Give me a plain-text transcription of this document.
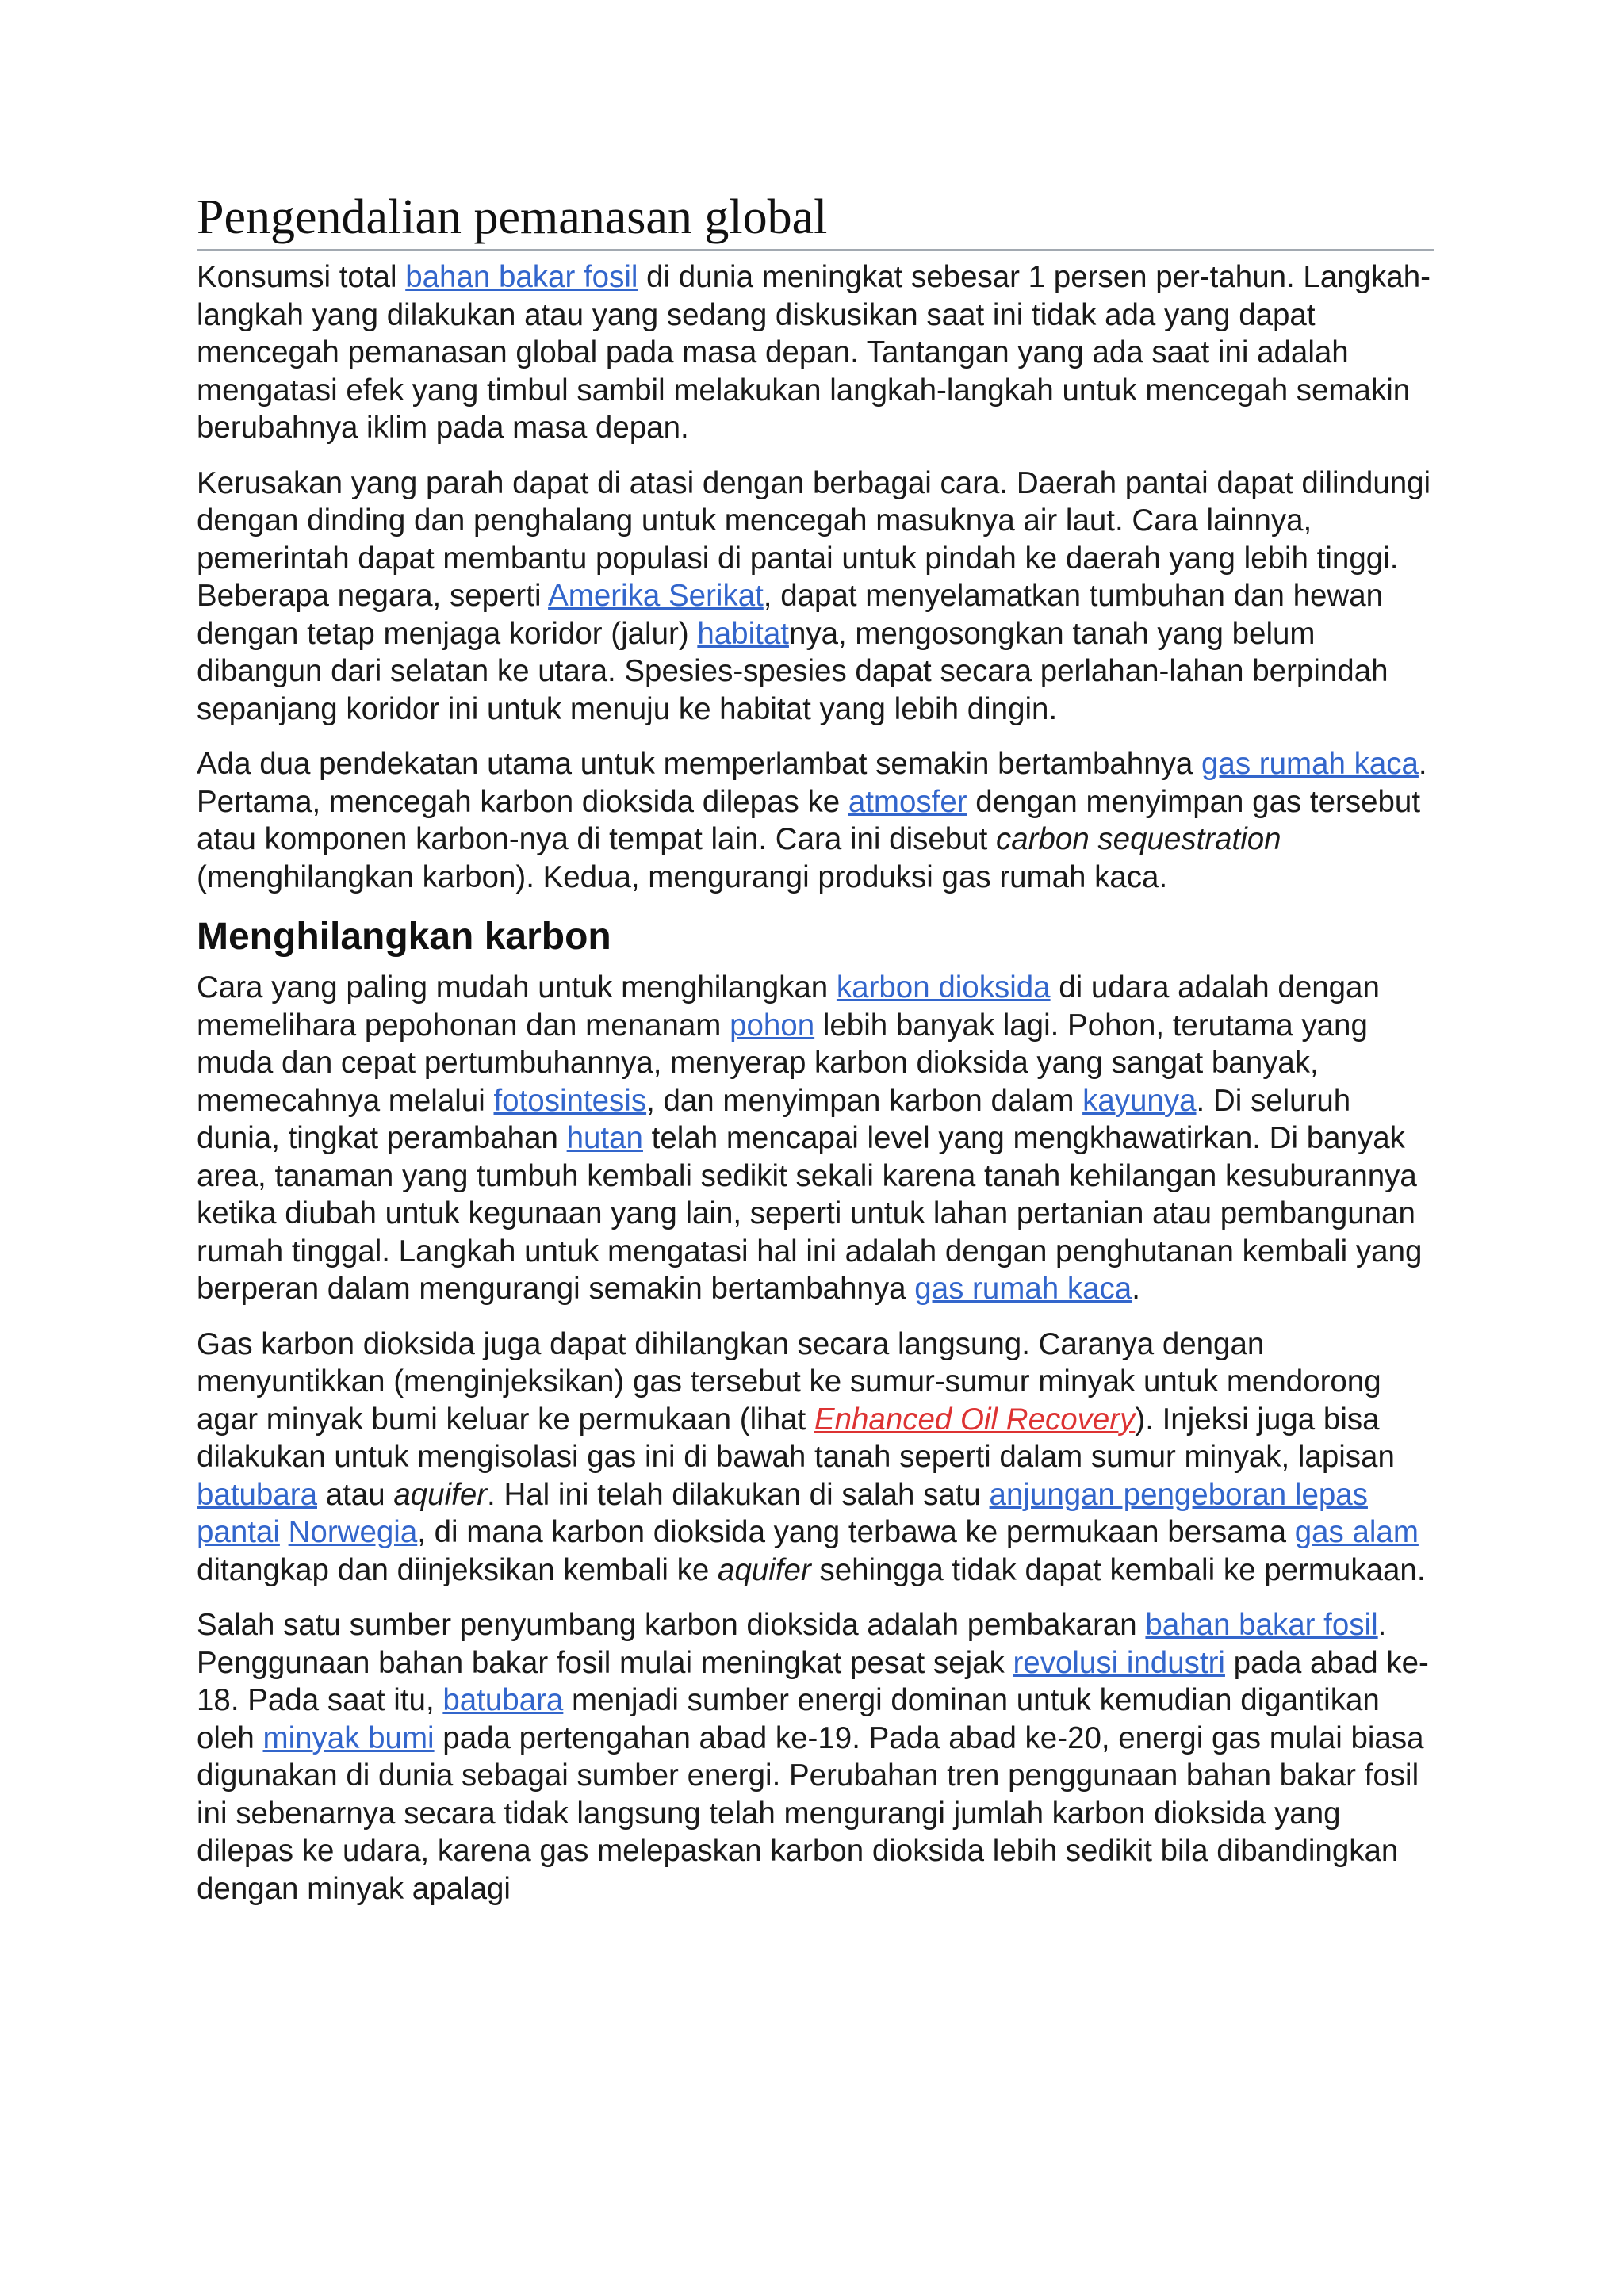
Pengendalian pemanasan global

Konsumsi total bahan bakar fosil di dunia meningkat sebesar 1 persen per-tahun. Langkah-langkah yang dilakukan atau yang sedang diskusikan saat ini tidak ada yang dapat mencegah pemanasan global pada masa depan. Tantangan yang ada saat ini adalah mengatasi efek yang timbul sambil melakukan langkah-langkah untuk mencegah semakin berubahnya iklim pada masa depan.

Kerusakan yang parah dapat di atasi dengan berbagai cara. Daerah pantai dapat dilindungi dengan dinding dan penghalang untuk mencegah masuknya air laut. Cara lainnya, pemerintah dapat membantu populasi di pantai untuk pindah ke daerah yang lebih tinggi. Beberapa negara, seperti Amerika Serikat, dapat menyelamatkan tumbuhan dan hewan dengan tetap menjaga koridor (jalur) habitatnya, mengosongkan tanah yang belum dibangun dari selatan ke utara. Spesies-spesies dapat secara perlahan-lahan berpindah sepanjang koridor ini untuk menuju ke habitat yang lebih dingin.

Ada dua pendekatan utama untuk memperlambat semakin bertambahnya gas rumah kaca. Pertama, mencegah karbon dioksida dilepas ke atmosfer dengan menyimpan gas tersebut atau komponen karbon-nya di tempat lain. Cara ini disebut carbon sequestration (menghilangkan karbon). Kedua, mengurangi produksi gas rumah kaca.

Menghilangkan karbon

Cara yang paling mudah untuk menghilangkan karbon dioksida di udara adalah dengan memelihara pepohonan dan menanam pohon lebih banyak lagi. Pohon, terutama yang muda dan cepat pertumbuhannya, menyerap karbon dioksida yang sangat banyak, memecahnya melalui fotosintesis, dan menyimpan karbon dalam kayunya. Di seluruh dunia, tingkat perambahan hutan telah mencapai level yang mengkhawatirkan. Di banyak area, tanaman yang tumbuh kembali sedikit sekali karena tanah kehilangan kesuburannya ketika diubah untuk kegunaan yang lain, seperti untuk lahan pertanian atau pembangunan rumah tinggal. Langkah untuk mengatasi hal ini adalah dengan penghutanan kembali yang berperan dalam mengurangi semakin bertambahnya gas rumah kaca.

Gas karbon dioksida juga dapat dihilangkan secara langsung. Caranya dengan menyuntikkan (menginjeksikan) gas tersebut ke sumur-sumur minyak untuk mendorong agar minyak bumi keluar ke permukaan (lihat Enhanced Oil Recovery). Injeksi juga bisa dilakukan untuk mengisolasi gas ini di bawah tanah seperti dalam sumur minyak, lapisan batubara atau aquifer. Hal ini telah dilakukan di salah satu anjungan pengeboran lepas pantai Norwegia, di mana karbon dioksida yang terbawa ke permukaan bersama gas alam ditangkap dan diinjeksikan kembali ke aquifer sehingga tidak dapat kembali ke permukaan.

Salah satu sumber penyumbang karbon dioksida adalah pembakaran bahan bakar fosil. Penggunaan bahan bakar fosil mulai meningkat pesat sejak revolusi industri pada abad ke-18. Pada saat itu, batubara menjadi sumber energi dominan untuk kemudian digantikan oleh minyak bumi pada pertengahan abad ke-19. Pada abad ke-20, energi gas mulai biasa digunakan di dunia sebagai sumber energi. Perubahan tren penggunaan bahan bakar fosil ini sebenarnya secara tidak langsung telah mengurangi jumlah karbon dioksida yang dilepas ke udara, karena gas melepaskan karbon dioksida lebih sedikit bila dibandingkan dengan minyak apalagi
